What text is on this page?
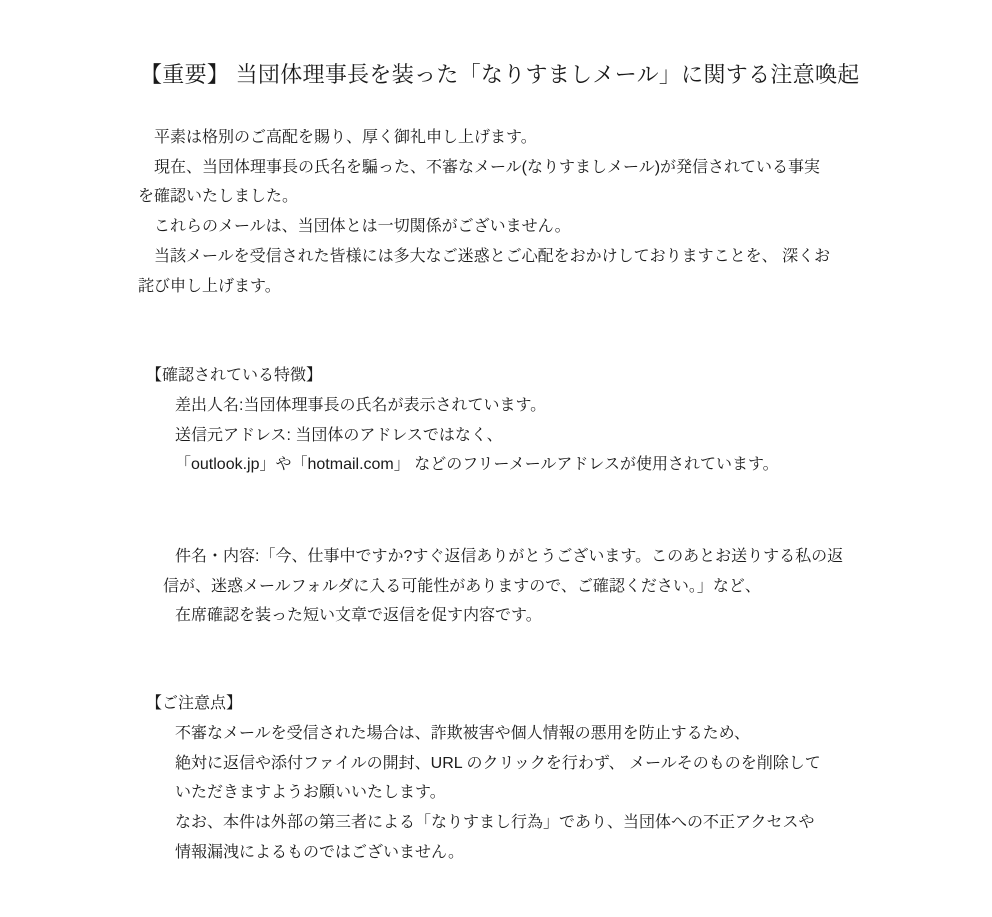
【重要】 当団体理事長を装った「なりすましメール」に関する注意喚起

平素は格別のご高配を賜り、厚く御礼申し上げます。

現在、当団体理事長の氏名を騙った、不審なメール(なりすましメール)が発信されている事実

を確認いたしました。

これらのメールは、当団体とは一切関係がございません。

当該メールを受信された皆様には多大なご迷惑とご心配をおかけしておりますことを、 深くお

詫び申し上げます。

【確認されている特徴】

差出人名:当団体理事長の氏名が表示されています。

送信元アドレス: 当団体のアドレスではなく、

「outlook.jp」や「hotmail.com」 などのフリーメールアドレスが使用されています。

件名・内容:「今、仕事中ですか?すぐ返信ありがとうございます。このあとお送りする私の返

信が、迷惑メールフォルダに入る可能性がありますので、ご確認ください。」など、

在席確認を装った短い文章で返信を促す内容です。

【ご注意点】

不審なメールを受信された場合は、詐欺被害や個人情報の悪用を防止するため、

絶対に返信や添付ファイルの開封、URL のクリックを行わず、 メールそのものを削除して

いただきますようお願いいたします。

なお、本件は外部の第三者による「なりすまし行為」であり、当団体への不正アクセスや

情報漏洩によるものではございません。
